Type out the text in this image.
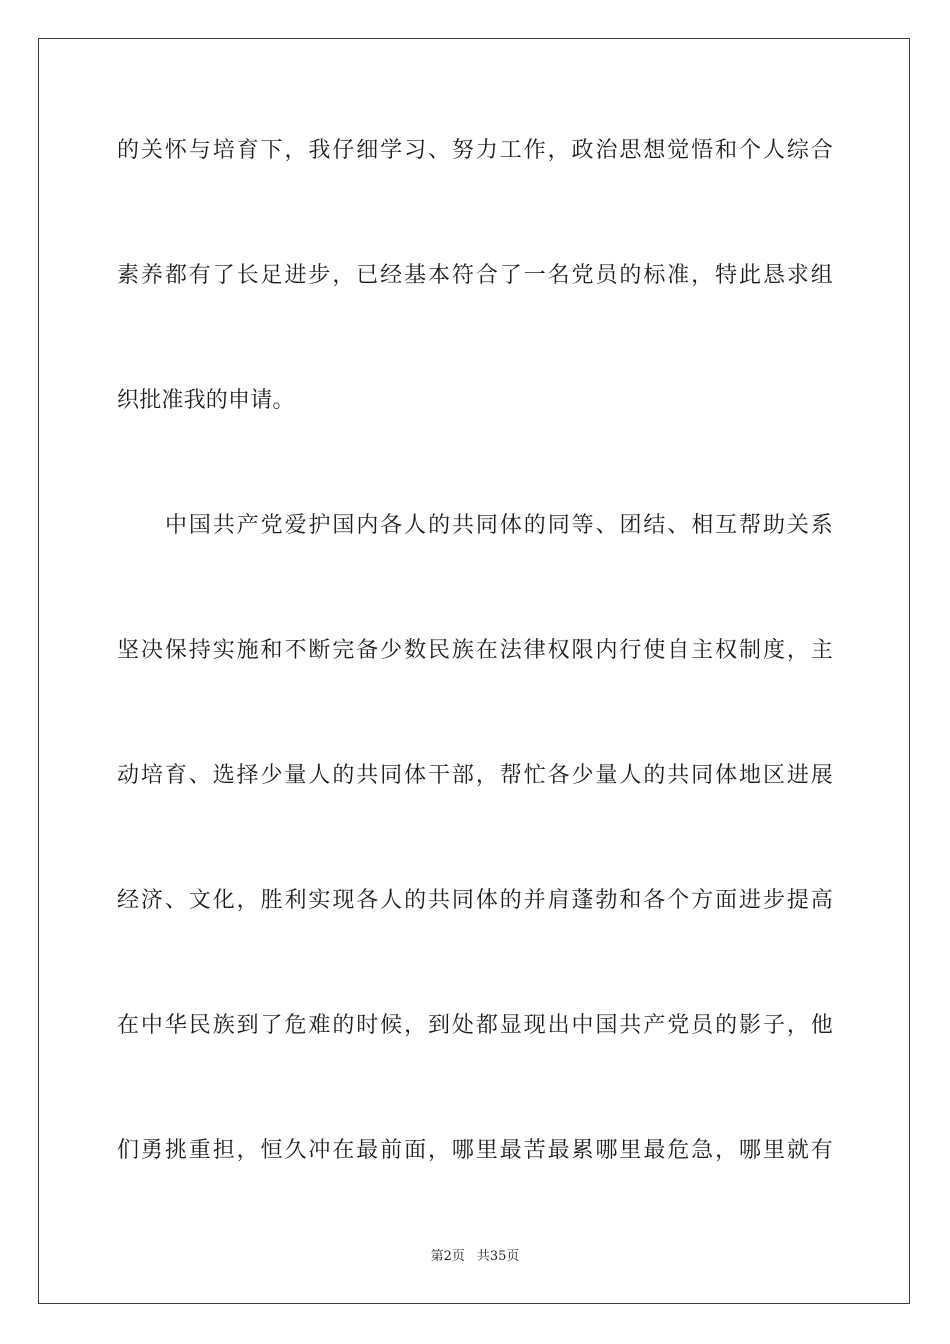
的关怀与培育下，我仔细学习、努力工作，政治思想觉悟和个人综合
素养都有了长足进步，已经基本符合了一名党员的标准，特此恳求组
织批准我的申请。
中国共产党爱护国内各人的共同体的同等、团结、相互帮助关系
坚决保持实施和不断完备少数民族在法律权限内行使自主权制度，主
动培育、选择少量人的共同体干部，帮忙各少量人的共同体地区进展
经济、文化，胜利实现各人的共同体的并肩蓬勃和各个方面进步提高
在中华民族到了危难的时候，到处都显现出中国共产党员的影子，他
们勇挑重担，恒久冲在最前面，哪里最苦最累哪里最危急，哪里就有
第2页 共35页
